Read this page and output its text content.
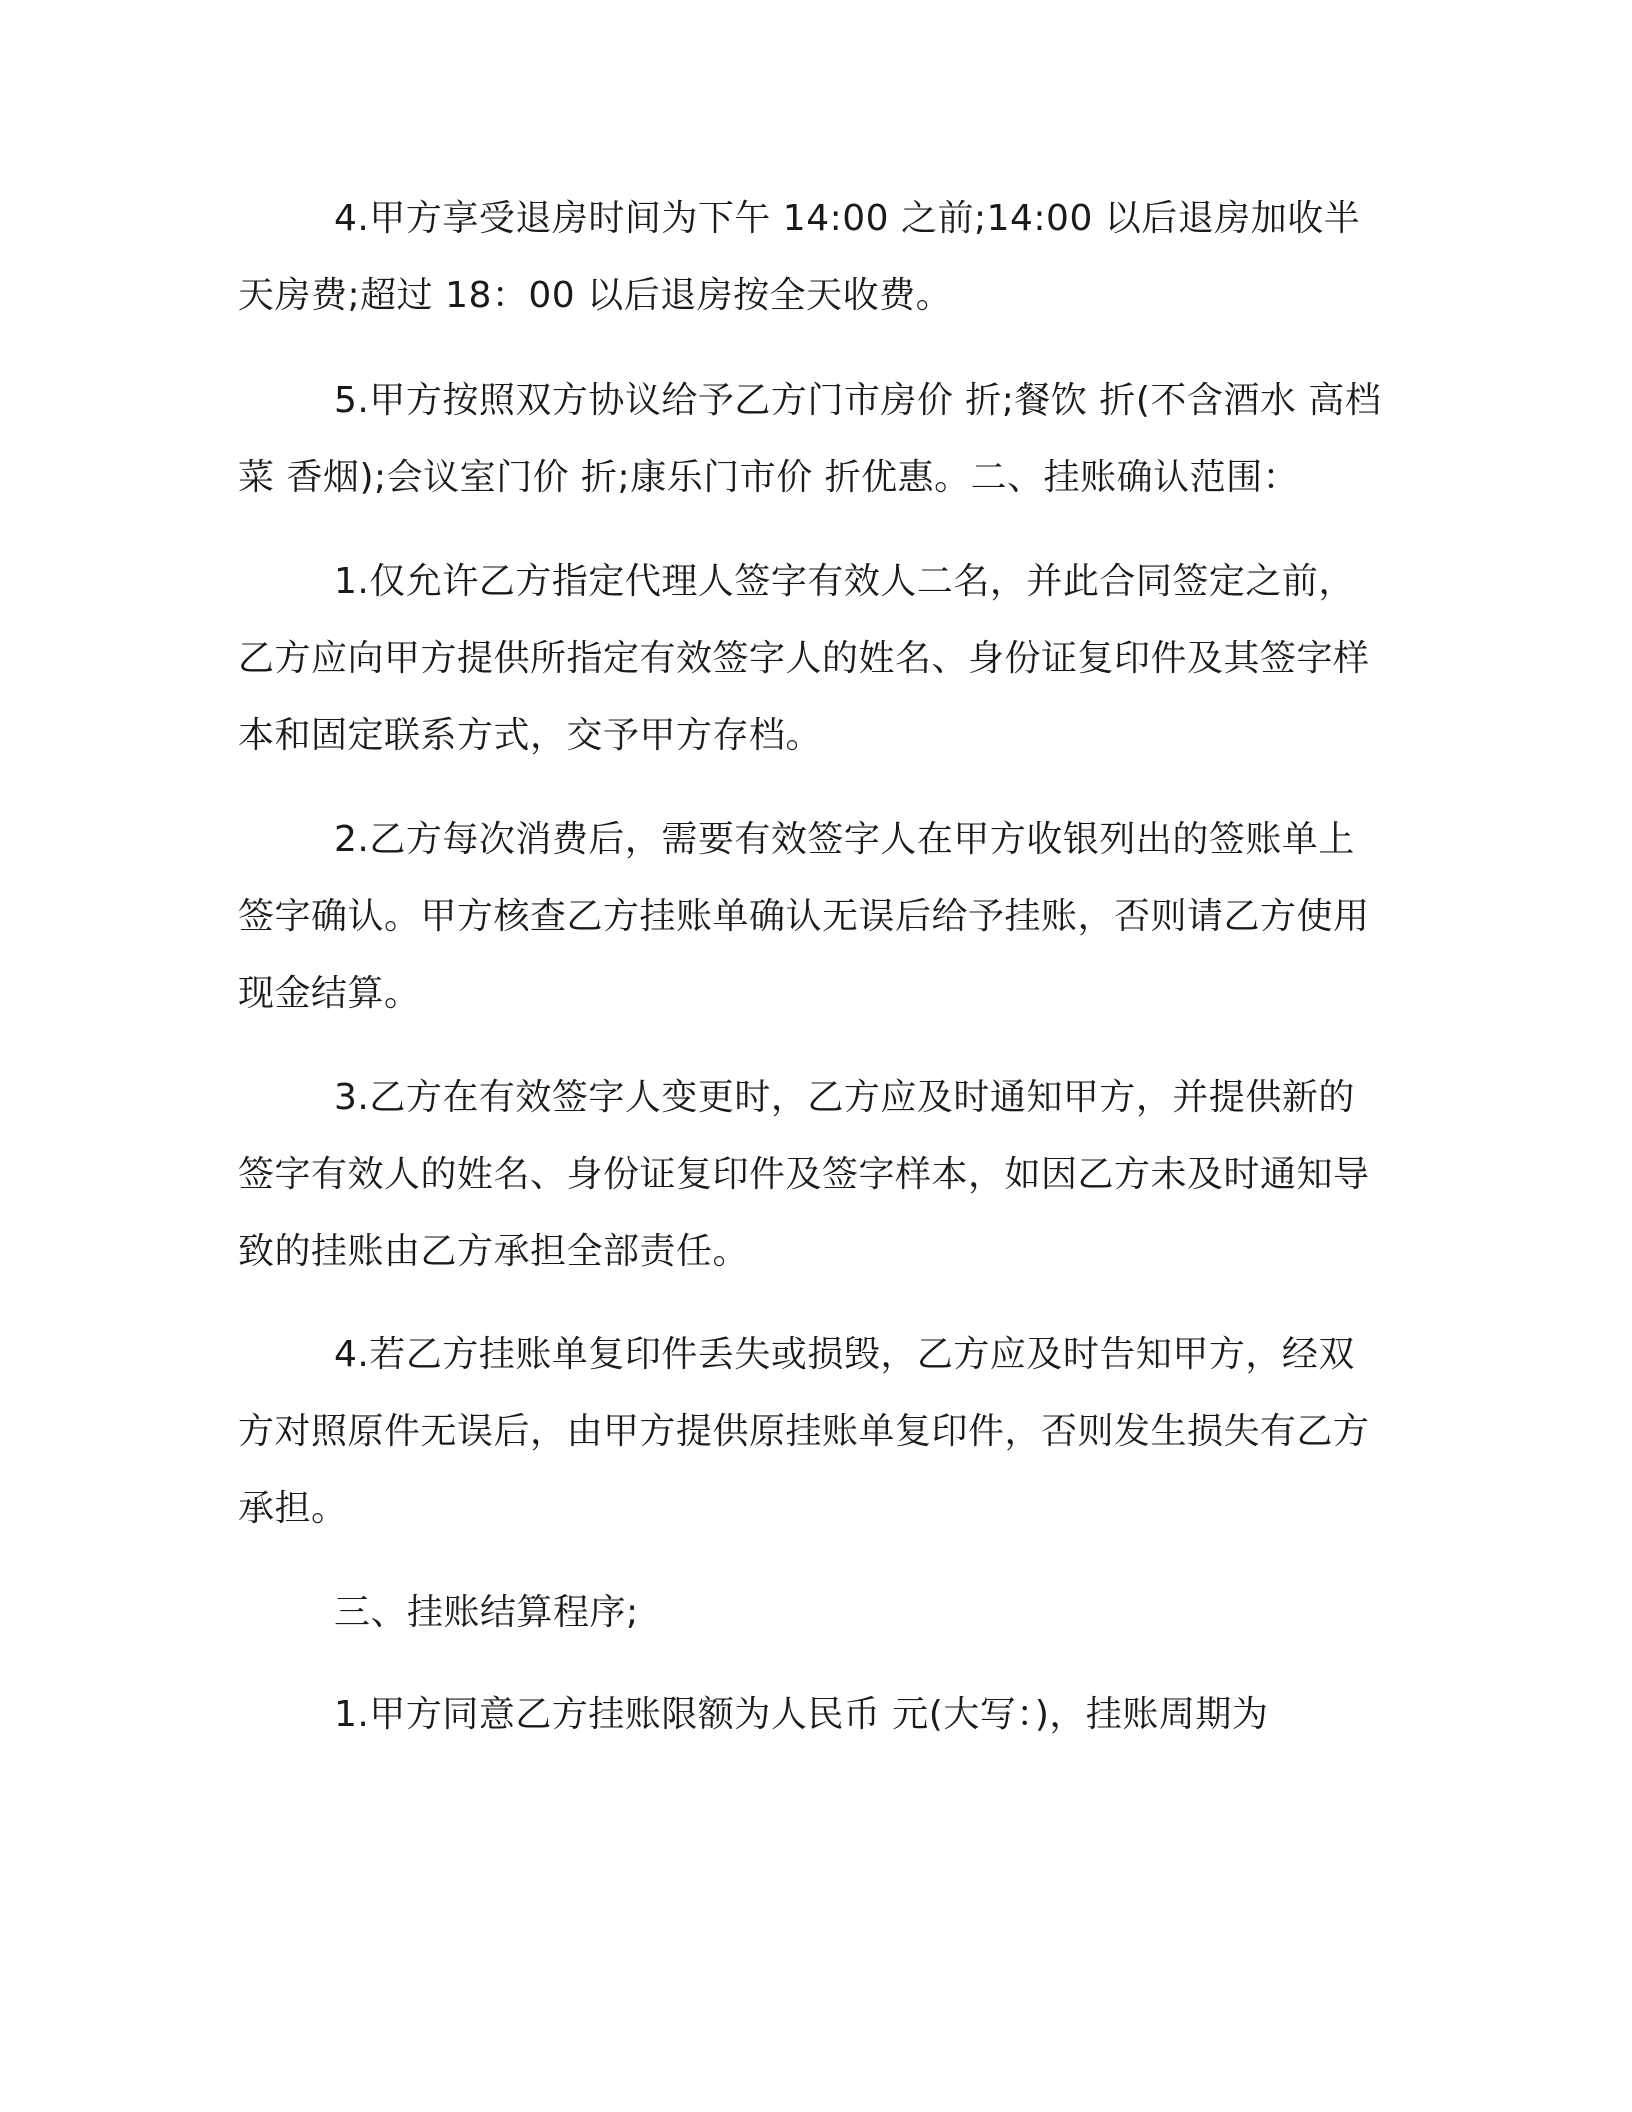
4.甲方享受退房时间为下午 14:00 之前;14:00 以后退房加收半天房费;超过 18：00 以后退房按全天收费。

5.甲方按照双方协议给予乙方门市房价 折;餐饮 折(不含酒水 高档菜 香烟);会议室门价 折;康乐门市价 折优惠。二、挂账确认范围：

1.仅允许乙方指定代理人签字有效人二名，并此合同签定之前，乙方应向甲方提供所指定有效签字人的姓名、身份证复印件及其签字样本和固定联系方式，交予甲方存档。

2.乙方每次消费后，需要有效签字人在甲方收银列出的签账单上签字确认。甲方核查乙方挂账单确认无误后给予挂账，否则请乙方使用现金结算。

3.乙方在有效签字人变更时，乙方应及时通知甲方，并提供新的签字有效人的姓名、身份证复印件及签字样本，如因乙方未及时通知导致的挂账由乙方承担全部责任。

4.若乙方挂账单复印件丢失或损毁，乙方应及时告知甲方，经双方对照原件无误后，由甲方提供原挂账单复印件，否则发生损失有乙方承担。

三、挂账结算程序;

1.甲方同意乙方挂账限额为人民币 元(大写：)，挂账周期为
